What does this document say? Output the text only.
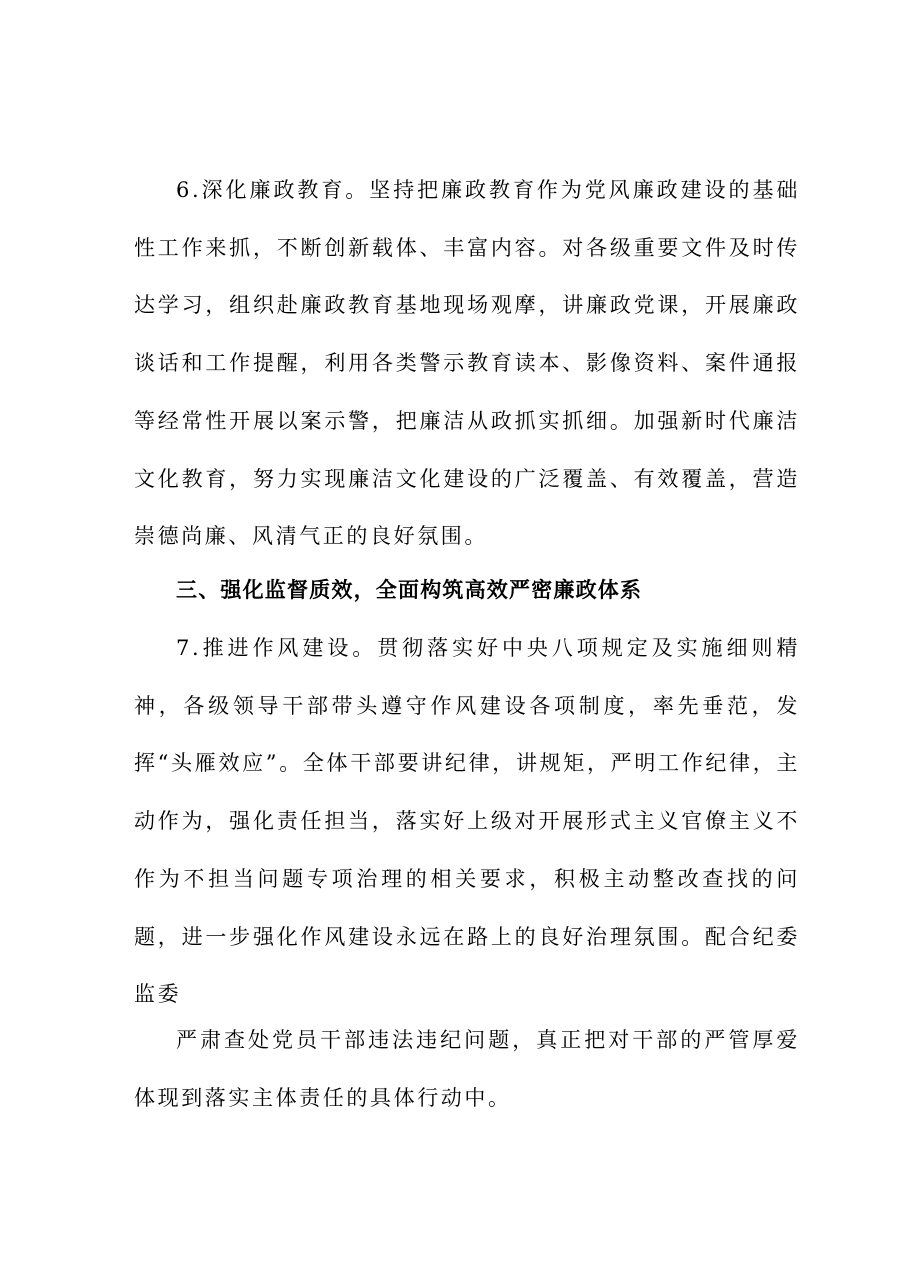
6.深化廉政教育。坚持把廉政教育作为党风廉政建设的基础性工作来抓，不断创新载体、丰富内容。对各级重要文件及时传达学习，组织赴廉政教育基地现场观摩，讲廉政党课，开展廉政谈话和工作提醒，利用各类警示教育读本、影像资料、案件通报等经常性开展以案示警，把廉洁从政抓实抓细。加强新时代廉洁文化教育，努力实现廉洁文化建设的广泛覆盖、有效覆盖，营造崇德尚廉、风清气正的良好氛围。
三、强化监督质效，全面构筑高效严密廉政体系
7.推进作风建设。贯彻落实好中央八项规定及实施细则精神，各级领导干部带头遵守作风建设各项制度，率先垂范，发挥“头雁效应”。全体干部要讲纪律，讲规矩，严明工作纪律，主动作为，强化责任担当，落实好上级对开展形式主义官僚主义不作为不担当问题专项治理的相关要求，积极主动整改查找的问题，进一步强化作风建设永远在路上的良好治理氛围。配合纪委监委
严肃查处党员干部违法违纪问题，真正把对干部的严管厚爱体现到落实主体责任的具体行动中。
